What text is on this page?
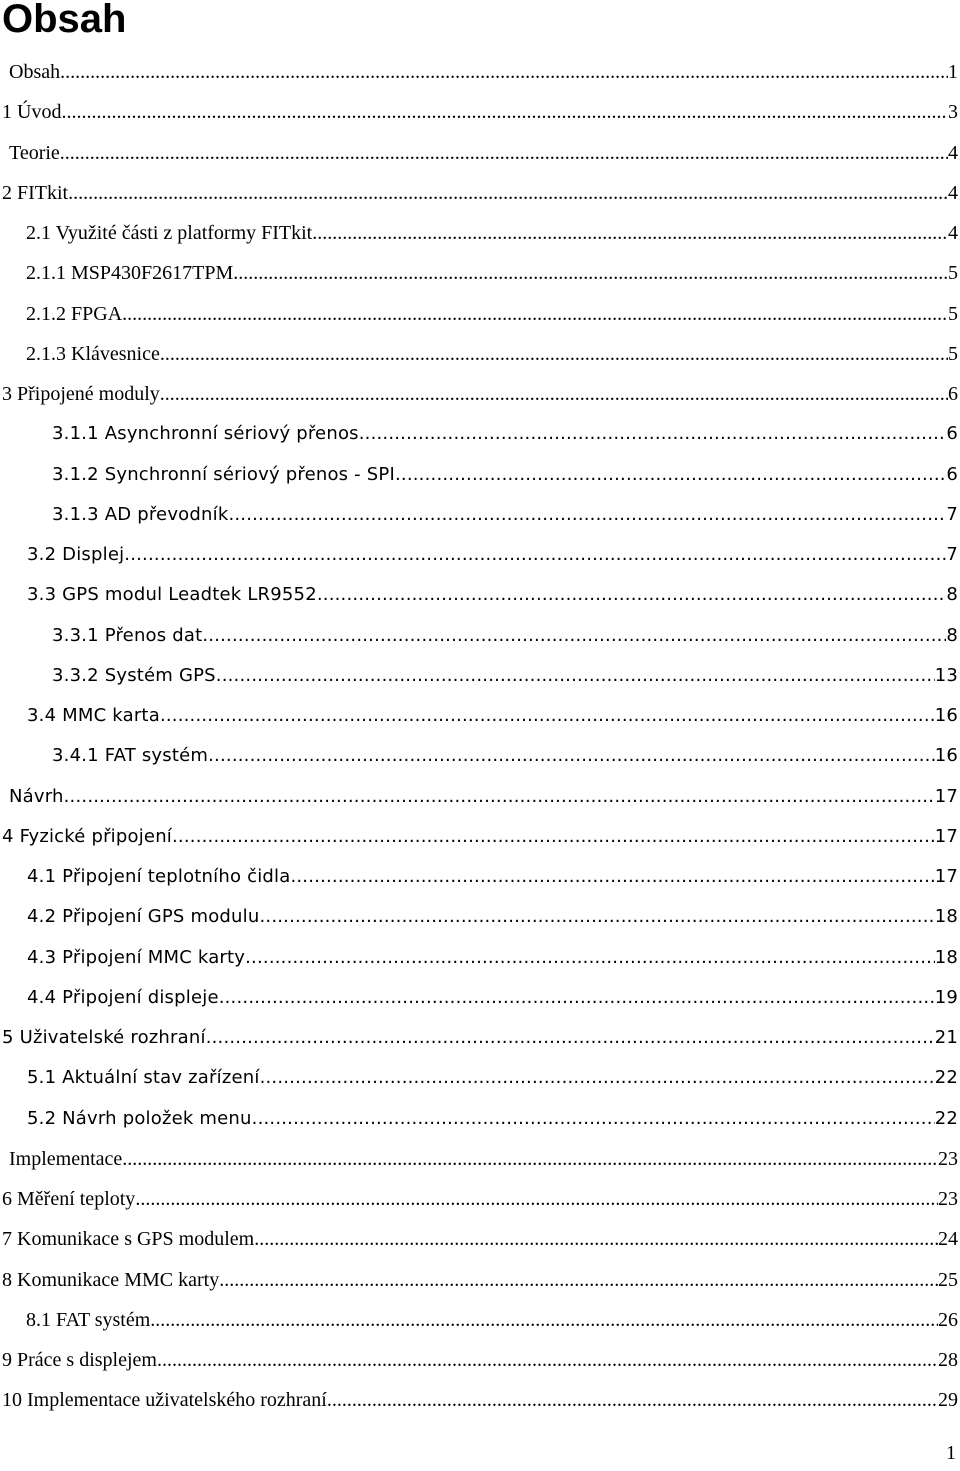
Obsah
Obsah .....	1
1 Úvod .....	3
Teorie .....	4
2 FITkit .....	4
2.1 Využité části z platformy FITkit .....	4
2.1.1 MSP430F2617TPM .....	5
2.1.2 FPGA .....	5
2.1.3 Klávesnice .....	5
3 Připojené moduly .....	6
3.1.1 Asynchronní sériový přenos .....	6
3.1.2 Synchronní sériový přenos - SPI .....	6
3.1.3 AD převodník .....	7
3.2 Displej .....	7
3.3 GPS modul Leadtek LR9552 .....	8
3.3.1 Přenos dat .....	8
3.3.2 Systém GPS .....	13
3.4 MMC karta .....	16
3.4.1 FAT systém .....	16
Návrh .....	17
4 Fyzické připojení .....	17
4.1 Připojení teplotního čidla .....	17
4.2 Připojení GPS modulu .....	18
4.3 Připojení MMC karty .....	18
4.4 Připojení displeje .....	19
5 Uživatelské rozhraní .....	21
5.1 Aktuální stav zařízení .....	22
5.2 Návrh položek menu .....	22
Implementace .....	23
6 Měření teploty .....	23
7 Komunikace s GPS modulem .....	24
8 Komunikace MMC karty .....	25
8.1 FAT systém .....	26
9 Práce s displejem .....	28
10 Implementace uživatelského rozhraní .....	29
1
